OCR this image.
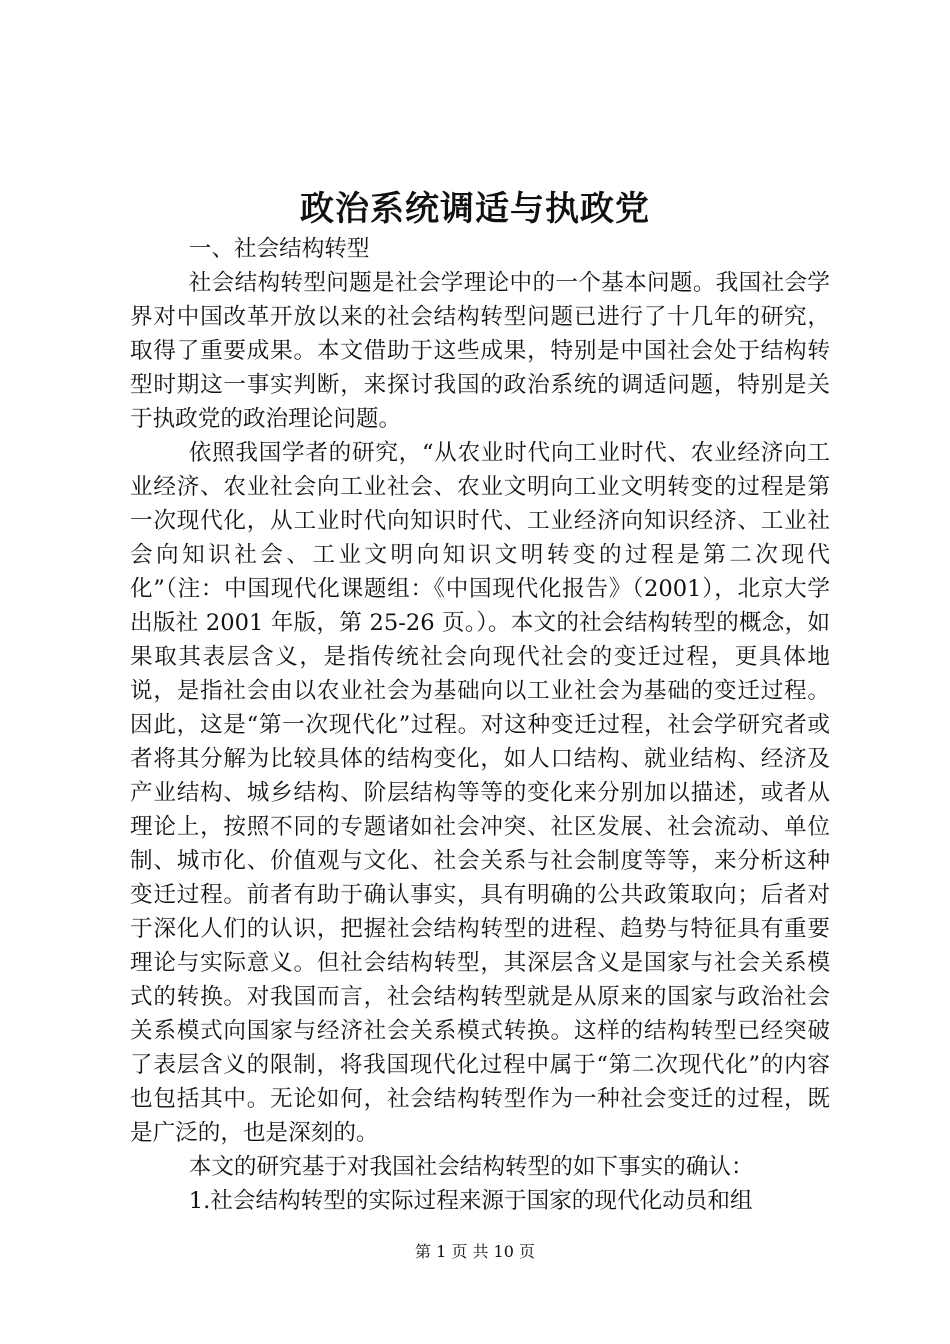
政治系统调适与执政党

一、社会结构转型

社会结构转型问题是社会学理论中的一个基本问题。我国社会学界对中国改革开放以来的社会结构转型问题已进行了十几年的研究，取得了重要成果。本文借助于这些成果，特别是中国社会处于结构转型时期这一事实判断，来探讨我国的政治系统的调适问题，特别是关于执政党的政治理论问题。

依照我国学者的研究，“从农业时代向工业时代、农业经济向工业经济、农业社会向工业社会、农业文明向工业文明转变的过程是第一次现代化，从工业时代向知识时代、工业经济向知识经济、工业社会向知识社会、工业文明向知识文明转变的过程是第二次现代化”（注：中国现代化课题组：《中国现代化报告》（2001），北京大学出版社 2001 年版，第 25-26 页。）。本文的社会结构转型的概念，如果取其表层含义，是指传统社会向现代社会的变迁过程，更具体地说，是指社会由以农业社会为基础向以工业社会为基础的变迁过程。因此，这是“第一次现代化”过程。对这种变迁过程，社会学研究者或者将其分解为比较具体的结构变化，如人口结构、就业结构、经济及产业结构、城乡结构、阶层结构等等的变化来分别加以描述，或者从理论上，按照不同的专题诸如社会冲突、社区发展、社会流动、单位制、城市化、价值观与文化、社会关系与社会制度等等，来分析这种变迁过程。前者有助于确认事实，具有明确的公共政策取向；后者对于深化人们的认识，把握社会结构转型的进程、趋势与特征具有重要理论与实际意义。但社会结构转型，其深层含义是国家与社会关系模式的转换。对我国而言，社会结构转型就是从原来的国家与政治社会关系模式向国家与经济社会关系模式转换。这样的结构转型已经突破了表层含义的限制，将我国现代化过程中属于“第二次现代化”的内容也包括其中。无论如何，社会结构转型作为一种社会变迁的过程，既是广泛的，也是深刻的。

本文的研究基于对我国社会结构转型的如下事实的确认：

1.社会结构转型的实际过程来源于国家的现代化动员和组

第 1 页 共 10 页
